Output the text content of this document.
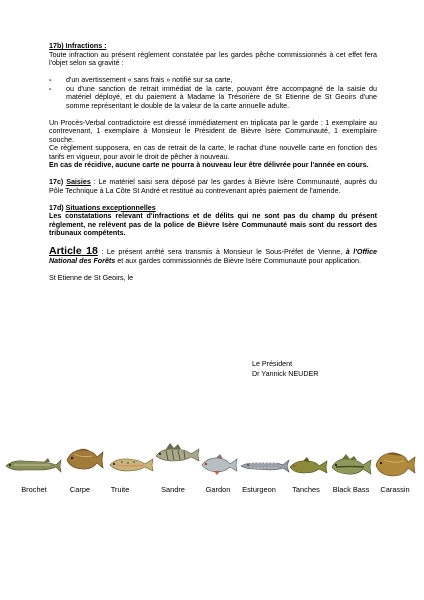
17b) Infractions :

Toute infraction au présent règlement constatée par les gardes pêche commissionnés à cet effet fera l'objet selon sa gravité :

- d'un avertissement « sans frais » notifié sur sa carte,
- ou d'une sanction de retrait immédiat de la carte, pouvant être accompagné de la saisie du matériel déployé, et du paiement à Madame la Trésorière de St Etienne de St Geoirs d'une somme représentant le double de la valeur de la carte annuelle adulte.

Un Procès-Verbal contradictoire est dressé immédiatement en triplicata par le garde : 1 exemplaire au contrevenant, 1 exemplaire à Monsieur le Président de Bièvre Isère Communauté, 1 exemplaire souche.

Ce règlement supposera, en cas de retrait de la carte, le rachat d'une nouvelle carte en fonction des tarifs en vigueur, pour avoir le droit de pêcher à nouveau.

En cas de récidive, aucune carte ne pourra à nouveau leur être délivrée pour l'année en cours.

17c) Saisies : Le matériel saisi sera déposé par les gardes à Bièvre Isère Communauté, auprès du Pôle Technique à La Côte St André et restitué au contrevenant après paiement de l'amende.

17d) Situations exceptionnelles

Les constatations relevant d'infractions et de délits qui ne sont pas du champ du présent règlement, ne relèvent pas de la police de Bièvre Isère Communauté mais sont du ressort des tribunaux compétents.

Article 18 : Le présent arrêté sera transmis à Monsieur le Sous-Préfet de Vienne, à l'Office National des Forêts et aux gardes commissionnés de Bièvre Isère Communauté pour application.

St Etienne de St Geoirs, le

Le Président
Dr Yannick NEUDER
Brochet	Carpe	Truite	Sandre	Gardon	Esturgeon	Tanches	Black Bass	Carassin
